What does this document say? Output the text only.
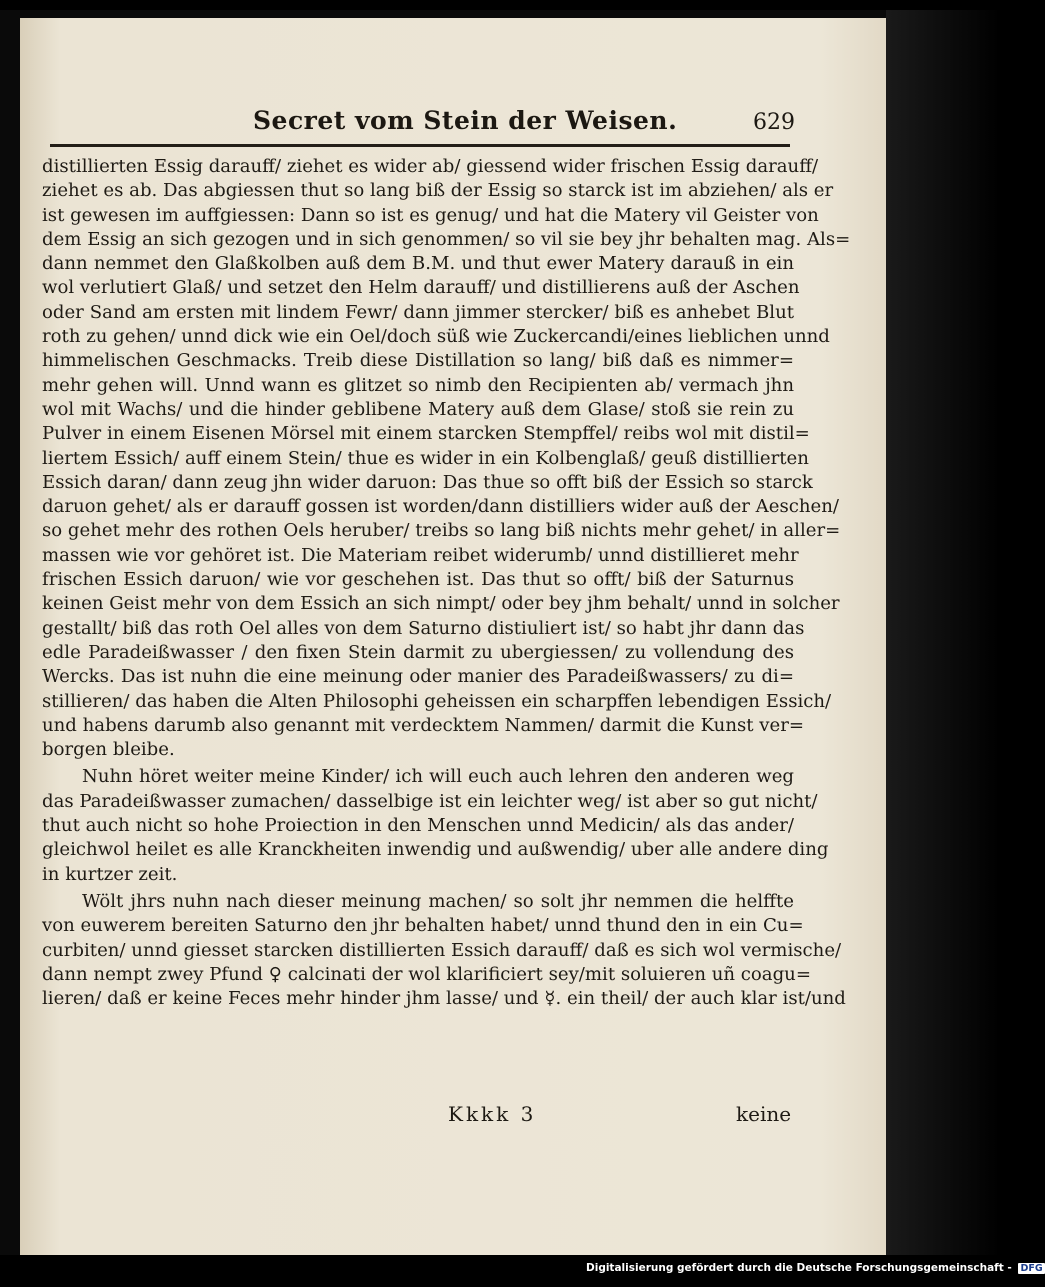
Secret vom Stein der Weisen.	629
distillierten Essig darauff/ ziehet es wider ab/ giessend wider frischen Essig darauff/
ziehet es ab. Das abgiessen thut so lang biß der Essig so starck ist im abziehen/ als er
ist gewesen im auffgiessen: Dann so ist es genug/ und hat die Matery vil Geister von
dem Essig an sich gezogen und in sich genommen/ so vil sie bey jhr behalten mag. Als=
dann nemmet den Glaßkolben auß dem B.M. und thut ewer Matery darauß in ein
wol verlutiert Glaß/ und setzet den Helm darauff/ und distillierens auß der Aschen
oder Sand am ersten mit lindem Fewr/ dann jimmer stercker/ biß es anhebet Blut
roth zu gehen/ unnd dick wie ein Oel/doch süß wie Zuckercandi/eines lieblichen unnd
himmelischen Geschmacks. Treib diese Distillation so lang/ biß daß es nimmer=
mehr gehen will. Unnd wann es glitzet so nimb den Recipienten ab/ vermach jhn
wol mit Wachs/ und die hinder geblibene Matery auß dem Glase/ stoß sie rein zu
Pulver in einem Eisenen Mörsel mit einem starcken Stempffel/ reibs wol mit distil=
liertem Essich/ auff einem Stein/ thue es wider in ein Kolbenglaß/ geuß distillierten
Essich daran/ dann zeug jhn wider daruon: Das thue so offt biß der Essich so starck
daruon gehet/ als er darauff gossen ist worden/dann distilliers wider auß der Aeschen/
so gehet mehr des rothen Oels heruber/ treibs so lang biß nichts mehr gehet/ in aller=
massen wie vor gehöret ist. Die Materiam reibet widerumb/ unnd distillieret mehr
frischen Essich daruon/ wie vor geschehen ist. Das thut so offt/ biß der Saturnus
keinen Geist mehr von dem Essich an sich nimpt/ oder bey jhm behalt/ unnd in solcher
gestallt/ biß das roth Oel alles von dem Saturno distiuliert ist/ so habt jhr dann das
edle Paradeißwasser / den fixen Stein darmit zu ubergiessen/ zu vollendung des
Wercks. Das ist nuhn die eine meinung oder manier des Paradeißwassers/ zu di=
stillieren/ das haben die Alten Philosophi geheissen ein scharpffen lebendigen Essich/
und habens darumb also genannt mit verdecktem Nammen/ darmit die Kunst ver=
borgen bleibe.
Nuhn höret weiter meine Kinder/ ich will euch auch lehren den anderen weg
das Paradeißwasser zumachen/ dasselbige ist ein leichter weg/ ist aber so gut nicht/
thut auch nicht so hohe Proiection in den Menschen unnd Medicin/ als das ander/
gleichwol heilet es alle Kranckheiten inwendig und außwendig/ uber alle andere ding
in kurtzer zeit.
Wölt jhrs nuhn nach dieser meinung machen/ so solt jhr nemmen die helffte
von euwerem bereiten Saturno den jhr behalten habet/ unnd thund den in ein Cu=
curbiten/ unnd giesset starcken distillierten Essich darauff/ daß es sich wol vermische/
dann nempt zwey Pfund ♀ calcinati der wol klarificiert sey/mit soluieren uñ coagu=
lieren/ daß er keine Feces mehr hinder jhm lasse/ und ☿. ein theil/ der auch klar ist/und
Kkkk 3	keine
Digitalisierung gefördert durch die Deutsche Forschungsgemeinschaft - DFG
